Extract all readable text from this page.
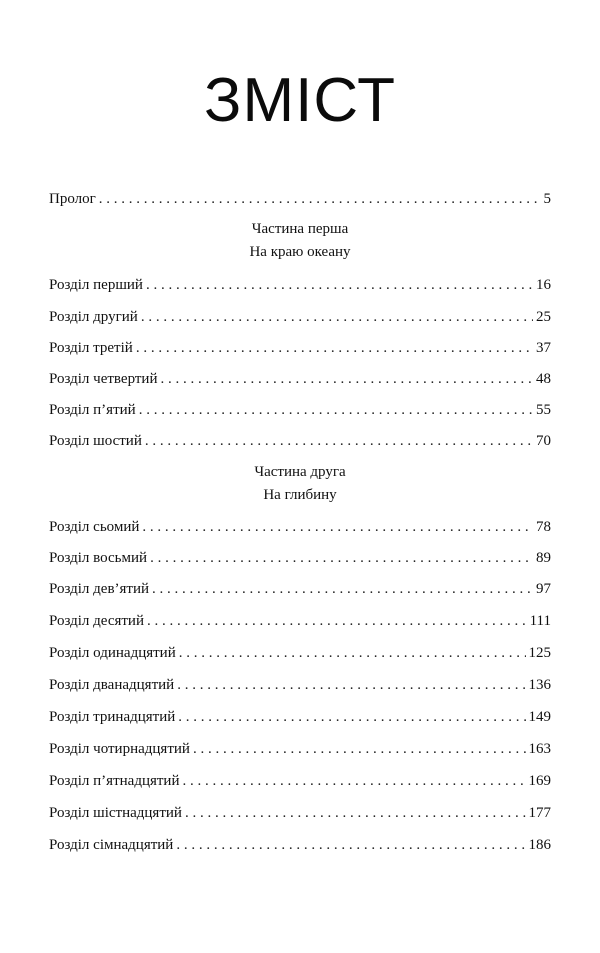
ЗМІСТ
Пролог . . .	5
Частина перша
На краю океану
Розділ перший . . .	16
Розділ другий . . .	25
Розділ третій . . .	37
Розділ четвертий . . .	48
Розділ п’ятий . . .	55
Розділ шостий . . .	70
Частина друга
На глибину
Розділ сьомий . . .	78
Розділ восьмий . . .	89
Розділ дев’ятий . . .	97
Розділ десятий . . .	111
Розділ одинадцятий . . .	125
Розділ дванадцятий . . .	136
Розділ тринадцятий . . .	149
Розділ чотирнадцятий . . .	163
Розділ п’ятнадцятий . . .	169
Розділ шістнадцятий . . .	177
Розділ сімнадцятий . . .	186
